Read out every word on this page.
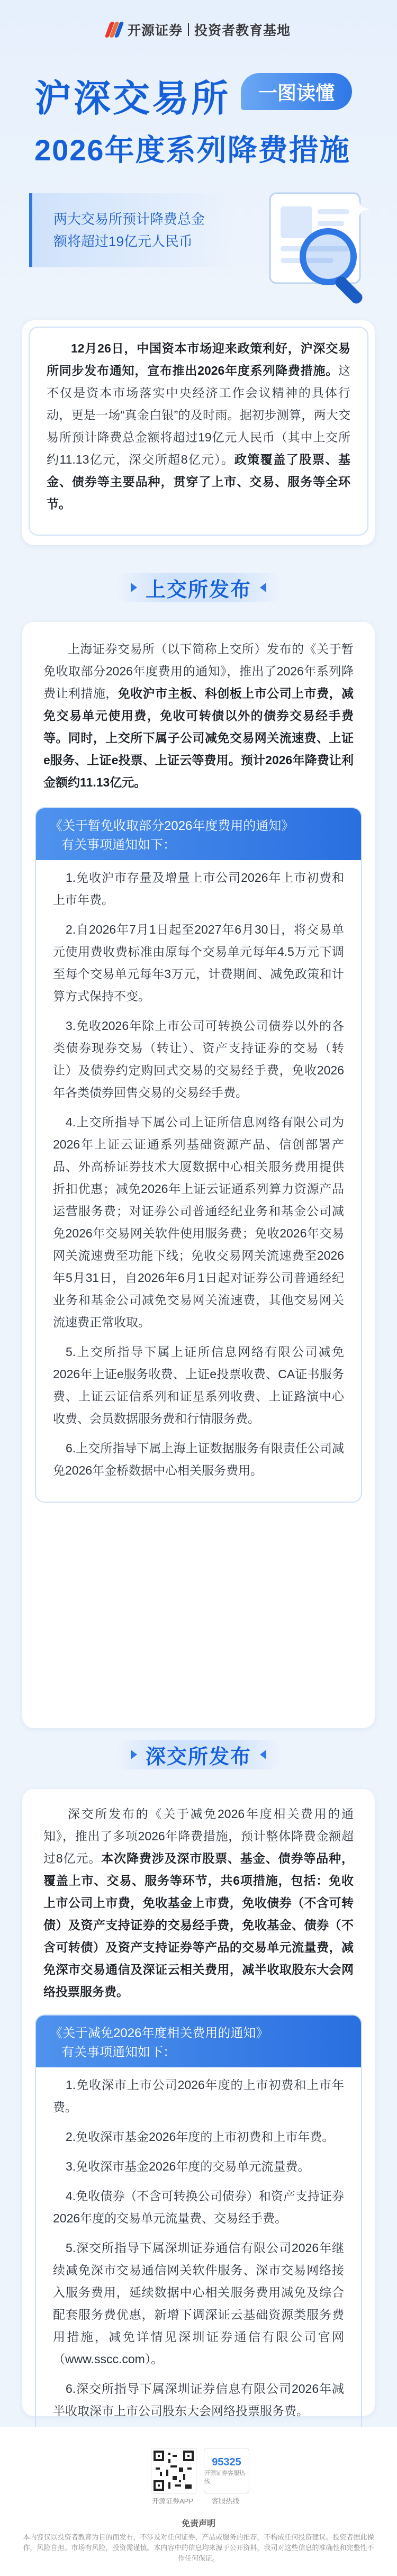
开源证券 投资者教育基地
沪深交易所	一图读懂
2026年度系列降费措施
两大交易所预计降费总金
额将超过19亿元人民币
12月26日，中国资本市场迎来政策利好，沪深交易所同步发布通知，宣布推出2026年度系列降费措施。这不仅是资本市场落实中央经济工作会议精神的具体行动，更是一场“真金白银”的及时雨。据初步测算，两大交易所预计降费总金额将超过19亿元人民币（其中上交所约11.13亿元，深交所超8亿元）。政策覆盖了股票、基金、债券等主要品种，贯穿了上市、交易、服务等全环节。
上交所发布
上海证券交易所（以下简称上交所）发布的《关于暂免收取部分2026年度费用的通知》，推出了2026年系列降费让利措施，免收沪市主板、科创板上市公司上市费，减免交易单元使用费，免收可转债以外的债券交易经手费等。同时，上交所下属子公司减免交易网关流速费、上证e服务、上证e投票、上证云等费用。预计2026年降费让利金额约11.13亿元。
《关于暂免收取部分2026年度费用的通知》
有关事项通知如下：

1.免收沪市存量及增量上市公司2026年上市初费和上市年费。

2.自2026年7月1日起至2027年6月30日，将交易单元使用费收费标准由原每个交易单元每年4.5万元下调至每个交易单元每年3万元，计费期间、减免政策和计算方式保持不变。

3.免收2026年除上市公司可转换公司债券以外的各类债券现券交易（转让）、资产支持证券的交易（转让）及债券约定购回式交易的交易经手费，免收2026年各类债券回售交易的交易经手费。

4.上交所指导下属公司上证所信息网络有限公司为2026年上证云证通系列基础资源产品、信创部署产品、外高桥证券技术大厦数据中心相关服务费用提供折扣优惠；减免2026年上证云证通系列算力资源产品运营服务费；对证券公司普通经纪业务和基金公司减免2026年交易网关软件使用服务费；免收2026年交易网关流速费至功能下线；免收交易网关流速费至2026年5月31日，自2026年6月1日起对证券公司普通经纪业务和基金公司减免交易网关流速费，其他交易网关流速费正常收取。

5.上交所指导下属上证所信息网络有限公司减免2026年上证e服务收费、上证e投票收费、CA证书服务费、上证云证信系列和证星系列收费、上证路演中心收费、会员数据服务费和行情服务费。

6.上交所指导下属上海上证数据服务有限责任公司减免2026年金桥数据中心相关服务费用。

深交所发布
深交所发布的《关于减免2026年度相关费用的通知》，推出了多项2026年降费措施，预计整体降费金额超过8亿元。本次降费涉及深市股票、基金、债券等品种，覆盖上市、交易、服务等环节，共6项措施，包括：免收上市公司上市费，免收基金上市费，免收债券（不含可转债）及资产支持证券的交易经手费，免收基金、债券（不含可转债）及资产支持证券等产品的交易单元流量费，减免深市交易通信及深证云相关费用，减半收取股东大会网络投票服务费。
《关于减免2026年度相关费用的通知》
有关事项通知如下：

1.免收深市上市公司2026年度的上市初费和上市年费。

2.免收深市基金2026年度的上市初费和上市年费。

3.免收深市基金2026年度的交易单元流量费。

4.免收债券（不含可转换公司债券）和资产支持证券2026年度的交易单元流量费、交易经手费。

5.深交所指导下属深圳证券通信有限公司2026年继续减免深市交易通信网关软件服务、深市交易网络接入服务费用，延续数据中心相关服务费用减免及综合配套服务费优惠，新增下调深证云基础资源类服务费用措施，减免详情见深圳证券通信有限公司官网（www.sscc.com）。

6.深交所指导下属深圳证券信息有限公司2026年减半收取深市上市公司股东大会网络投票服务费。

95325
开源证券客服热线
开源证券APP	客服热线
免责声明
本内容仅以投资者教育为目的而发布，不涉及对任何证券、产品或服务的推荐，不构成任何投资建议。投资者据此操作，风险自担。市场有风险，投资需谨慎。本内容中的信息均来源于公开资料，我司对这些信息的准确性和完整性不作任何保证。
